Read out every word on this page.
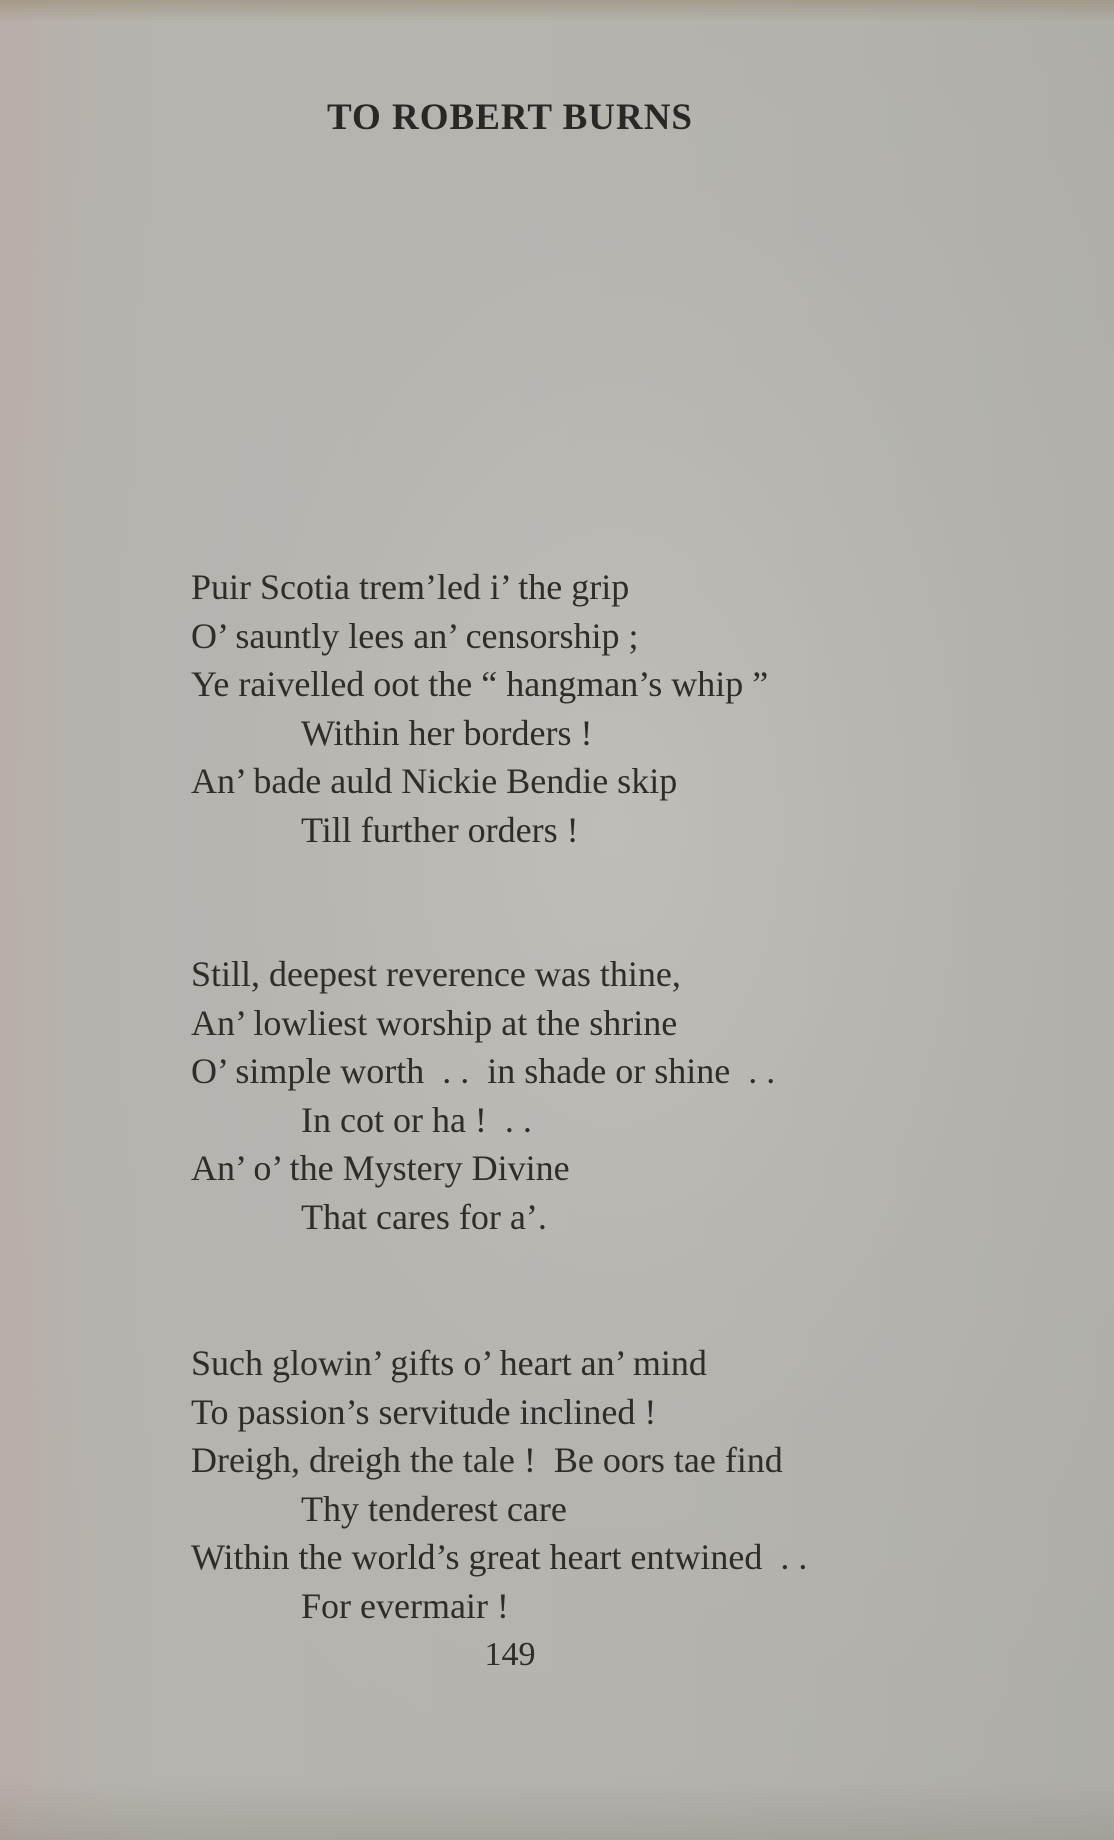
TO ROBERT BURNS
Puir Scotia trem’led i’ the grip
O’ sauntly lees an’ censorship ;
Ye raivelled oot the “ hangman’s whip ”
Within her borders !
An’ bade auld Nickie Bendie skip
Till further orders !
Still, deepest reverence was thine,
An’ lowliest worship at the shrine
O’ simple worth  . .  in shade or shine  . .
In cot or ha !  . .
An’ o’ the Mystery Divine
That cares for a’.
Such glowin’ gifts o’ heart an’ mind
To passion’s servitude inclined !
Dreigh, dreigh the tale !  Be oors tae find
Thy tenderest care
Within the world’s great heart entwined  . .
For evermair !
149
